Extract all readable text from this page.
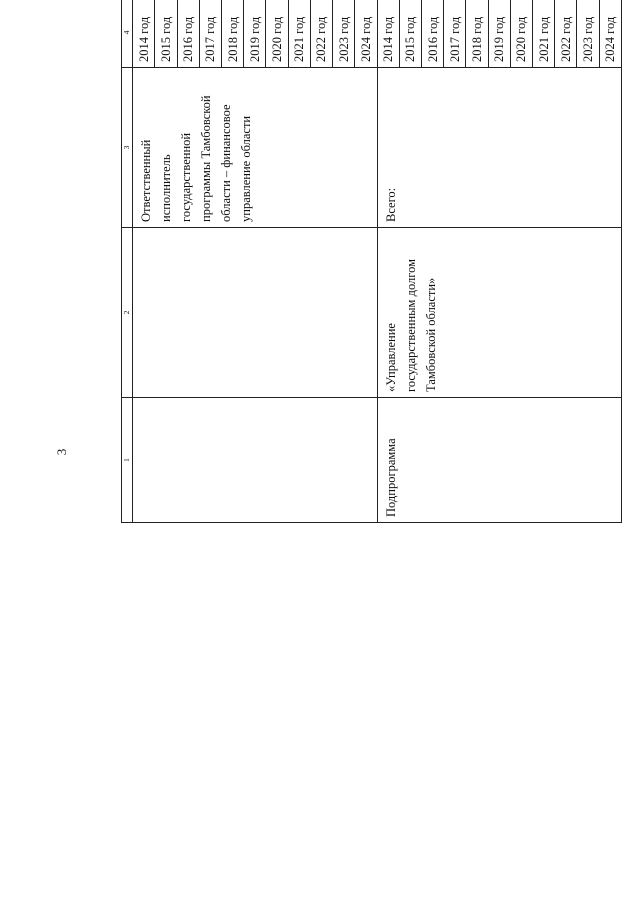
3
1	2	3	4					
		Ответственный исполнитель государственной программы Тамбовской области – финансовое управление области	2014 год					
			2015 год					
			2016 год					
			2017 год					
			2018 год					
			2019 год					
			2020 год					
			2021 год					
			2022 год					
			2023 год					
			2024 год					
Подпрограмма	«Управление государственным долгом Тамбовской области»	Всего:	2014 год					
			2015 год					
			2016 год					
			2017 год					
			2018 год					
			2019 год					
			2020 год					
			2021 год					
			2022 год					
			2023 год					
			2024 год					
